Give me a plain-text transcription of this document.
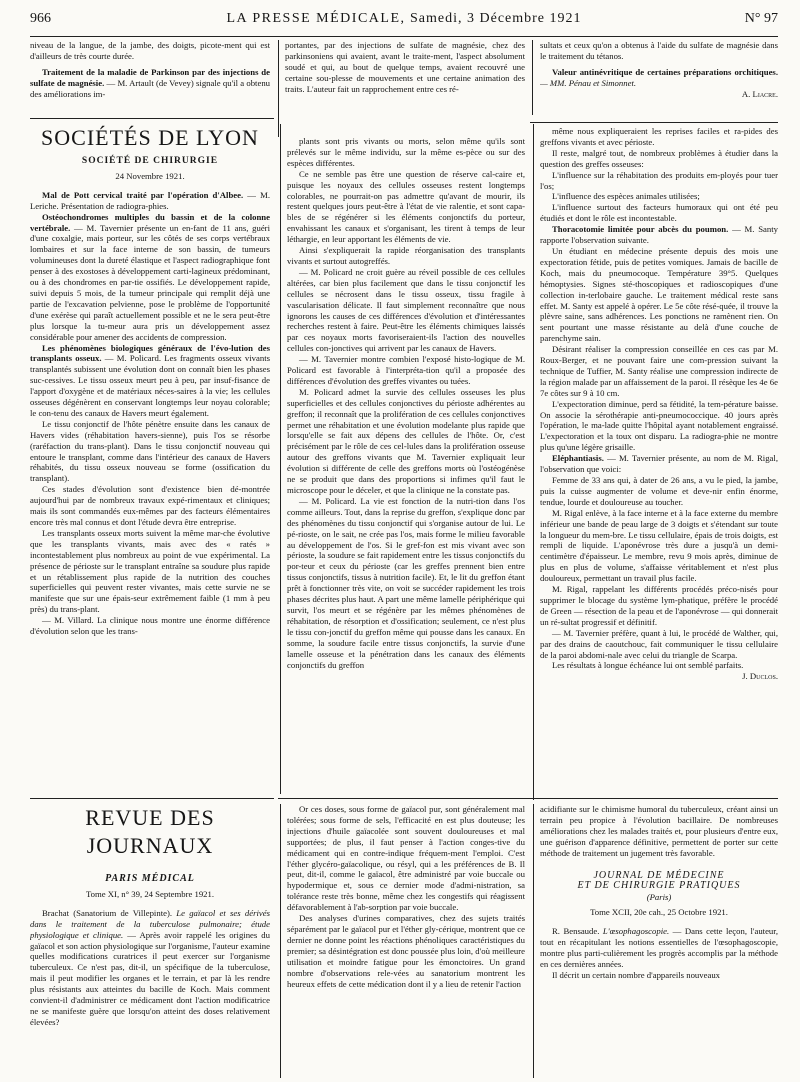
966	LA PRESSE MÉDICALE, Samedi, 3 Décembre 1921	N° 97

niveau de la langue, de la jambe, des doigts, picote-ment qui est d'ailleurs de très courte durée.

Traitement de la maladie de Parkinson par des injections de sulfate de magnésie. — M. Artault (de Vevey) signale qu'il a obtenu des améliorations im-

portantes, par des injections de sulfate de magnésie, chez des parkinsoniens qui avaient, avant le traite-ment, l'aspect absolument soudé et qui, au bout de quelque temps, avaient recouvré une certaine sou-plesse de mouvements et une certaine animation des traits. L'auteur fait un rapprochement entre ces ré-

sultats et ceux qu'on a obtenus à l'aide du sulfate de magnésie dans le traitement du tétanos.

Valeur antinévritique de certaines préparations orchitiques. — MM. Pénau et Simonnet.

A. Liacre.

SOCIÉTÉS DE LYON
SOCIÉTÉ DE CHIRURGIE
24 Novembre 1921.

Mal de Pott cervical traité par l'opération d'Albee. — M. Leriche. Présentation de radiogra-phies.

Ostéochondromes multiples du bassin et de la colonne vertébrale. — M. Tavernier présente un en-fant de 11 ans, guéri d'une coxalgie, mais porteur, sur les côtés de ses corps vertébraux lombaires et sur la face interne de son bassin, de tumeurs volumineuses dont la dureté élastique et l'aspect radiographique font penser à des exostoses à développement carti-lagineux prédominant, ou à des chondromes en par-tie ossifiés. Le développement rapide, suivi depuis 5 mois, de la tumeur principale qui remplit déjà une partie de l'excavation pelvienne, pose le problème de l'opportunité d'une exérèse qui paraît actuellement possible et ne le sera peut-être plus lorsque la tu-meur aura pris un développement assez considérable pour amener des accidents de compression.

Les phénomènes biologiques généraux de l'évo-lution des transplants osseux. — M. Policard. Les fragments osseux vivants transplantés subissent une évolution dont on connaît bien les phases suc-cessives. Le tissu osseux meurt peu à peu, par insuf-fisance de l'apport d'oxygène et de matériaux néces-saires à la vie; les cellules osseuses dégénèrent en conservant longtemps leur noyau colorable; le con-tenu des canaux de Havers meurt également.

Le tissu conjonctif de l'hôte pénètre ensuite dans les canaux de Havers vides (réhabitation havers-sienne), puis l'os se résorbe (raréfaction du trans-plant). Dans le tissu conjonctif nouveau qui entoure le transplant, comme dans l'intérieur des canaux de Havers réhabités, du tissu osseux nouveau se forme (ossification du transplant).

Ces stades d'évolution sont d'existence bien dé-montrée aujourd'hui par de nombreux travaux expé-rimentaux et cliniques; mais ils sont commandés eux-mêmes par des facteurs élémentaires encore très mal connus et dont l'étude devra être entreprise.

Les transplants osseux morts suivent la même mar-che évolutive que les transplants vivants, mais avec des « ratés » incontestablement plus nombreux au point de vue expérimental. La présence de périoste sur le transplant entraîne sa soudure plus rapide et un rétablissement plus rapide de la nutrition des couches superficielles qui peuvent rester vivantes, mais cette survie ne se manifeste que sur une épais-seur extrêmement faible (1 mm à peu près) du trans-plant.

— M. Villard. La clinique nous montre une énorme différence d'évolution selon que les trans-

plants sont pris vivants ou morts, selon même qu'ils sont prélevés sur le même individu, sur la même es-pèce ou sur des espèces différentes.

Ce ne semble pas être une question de réserve cal-caire et, puisque les noyaux des cellules osseuses restent longtemps colorables, ne pourrait-on pas admettre qu'avant de mourir, ils restent quelques jours peut-être à l'état de vie ralentie, et sont capa-bles de se régénérer si les éléments conjonctifs du porteur, envahissant les canaux et s'organisant, les tirent à temps de leur léthargie, en leur apportant les éléments de vie.

Ainsi s'expliquerait la rapide réorganisation des transplants vivants et surtout autogreffés.

— M. Policard ne croit guère au réveil possible de ces cellules altérées, car bien plus facilement que dans le tissu conjonctif les cellules se nécrosent dans le tissu osseux, tissu fragile à vascularisation délicate. Il faut simplement reconnaître que nous ignorons les causes de ces différences d'évolution et d'intéressantes recherches restent à faire. Peut-être les éléments chimiques laissés par ces noyaux morts favoriseraient-ils l'action des nouvelles cellules con-jonctives qui arrivent par les canaux de Havers.

— M. Tavernier montre combien l'exposé histo-logique de M. Policard est favorable à l'interpréta-tion qu'il a proposée des différences d'évolution des greffes vivantes ou tuées.

M. Policard admet la survie des cellules osseuses les plus superficielles et des cellules conjonctives du périoste adhérentes au greffon; il reconnaît que la prolifération de ces cellules conjonctives permet une réhabitation et une évolution modelante plus rapide que lorsqu'elle se fait aux dépens des cellules de l'hôte. Or, c'est précisément par le rôle de ces cel-lules dans la prolifération osseuse autour des greffons vivants que M. Tavernier expliquait leur évolution si différente de celle des greffons morts où l'ostéogénèse ne se produit que dans des proportions si infimes qu'il faut le microscope pour le déceler, et que la clinique ne la constate pas.

— M. Policard. La vie est fonction de la nutri-tion dans l'os comme ailleurs. Tout, dans la reprise du greffon, s'explique donc par des phénomènes du tissu conjonctif qui s'organise autour de lui. Le pé-rioste, on le sait, ne crée pas l'os, mais forme le milieu favorable au développement de l'os. Si le gref-fon est mis vivant avec son périoste, la soudure se fait rapidement entre les tissus conjonctifs du por-teur et ceux du périoste (car les greffes prennent bien entre tissus conjonctifs, tissus à nutrition facile). Et, le lit du greffon étant prêt à fonctionner très vite, on voit se succéder rapidement les trois phases décrites plus haut. A part une même lamelle périphérique qui survit, l'os meurt et se régénère par les mêmes phénomènes de réhabitation, de résorption et d'ossification; seulement, ce n'est plus le tissu con-jonctif du greffon même qui pousse dans les canaux. En somme, la soudure facile entre tissus conjonctifs, la survie d'une lamelle osseuse et la pénétration dans les canaux des éléments conjonctifs du greffon

même nous expliqueraient les reprises faciles et ra-pides des greffons vivants et avec périoste.

Il reste, malgré tout, de nombreux problèmes à étudier dans la question des greffes osseuses:

L'influence sur la réhabitation des produits em-ployés pour tuer l'os;

L'influence des espèces animales utilisées;

L'influence surtout des facteurs humoraux qui ont été peu étudiés et dont le rôle est incontestable.

Thoracotomie limitée pour abcès du poumon. — M. Santy rapporte l'observation suivante.

Un étudiant en médecine présente depuis des mois une expectoration fétide, puis de petites vomiques. Jamais de bacille de Koch, mais du pneumocoque. Température 39°5. Quelques hémoptysies. Signes sté-thoscopiques et radioscopiques d'une collection in-terlobaire gauche. Le traitement médical reste sans effet. M. Santy est appelé à opérer. Le 5e côte résé-quée, il trouve la plèvre saine, sans adhérences. Les ponctions ne ramènent rien. On sent pourtant une masse résistante au delà d'une couche de parenchyme sain.

Désirant réaliser la compression conseillée en ces cas par M. Roux-Berger, et ne pouvant faire une com-pression suivant la technique de Tuffier, M. Santy réalise une compression indirecte de la région malade par un affaissement de la paroi. Il résèque les 4e 6e 7e côtes sur 9 à 10 cm.

L'expectoration diminue, perd sa fétidité, la tem-pérature baisse. On associe la sérothérapie anti-pneumococcique. 40 jours après l'opération, le ma-lade quitte l'hôpital ayant notablement engraissé. L'expectoration et la toux ont disparu. La radiogra-phie ne montre plus qu'une légère grisaille.

Eléphantiasis. — M. Tavernier présente, au nom de M. Rigal, l'observation que voici:

Femme de 33 ans qui, à dater de 26 ans, a vu le pied, la jambe, puis la cuisse augmenter de volume et deve-nir enfin énorme, tendue, lourde et douloureuse au toucher.

M. Rigal enlève, à la face interne et à la face externe du membre inférieur une bande de peau large de 3 doigts et s'étendant sur toute la longueur du mem-bre. Le tissu cellulaire, épais de trois doigts, est rempli de liquide. L'aponévrose très dure a jusqu'à un demi-centimètre d'épaisseur. Le membre, revu 9 mois après, diminue de plus en plus de volume, s'affaisse véritablement et n'est plus douloureux, permettant un travail plus facile.

M. Rigal, rappelant les différents procédés préco-nisés pour supprimer le blocage du système lym-phatique, préfère le procédé de Green — résection de la peau et de l'aponévrose — qui donnerait un ré-sultat progressif et définitif.

— M. Tavernier préfère, quant à lui, le procédé de Walther, qui, par des drains de caoutchouc, fait communiquer le tissu cellulaire de la paroi abdomi-nale avec celui du triangle de Scarpa.

Les résultats à longue échéance lui ont semblé parfaits.

J. Duclos.

REVUE DES JOURNAUX
PARIS MÉDICAL
Tome XI, n° 39, 24 Septembre 1921.

Brachat (Sanatorium de Villepinte). Le gaïacol et ses dérivés dans le traitement de la tuberculose pulmonaire; étude physiologique et clinique. — Après avoir rappelé les origines du gaïacol et son action physiologique sur l'organisme, l'auteur examine quelles modifications curatrices il peut exercer sur l'organisme tuberculeux. Ce n'est pas, dit-il, un spécifique de la tuberculose, mais il peut modifier les organes et le terrain, et par là les rendre plus résistants aux atteintes du bacille de Koch. Mais comment convient-il d'administrer ce médicament dont l'action modificatrice ne se manifeste guère que lorsqu'on atteint des doses relativement élevées?

Or ces doses, sous forme de gaïacol pur, sont généralement mal tolérées; sous forme de sels, l'efficacité en est plus douteuse; les injections d'huile gaïacolée sont souvent douloureuses et mal supportées; de plus, il faut penser à l'action conges-tive du médicament qui en contre-indique fréquem-ment l'emploi. C'est l'éther glycéro-gaïacolique, ou résyl, qui a les préférences de B. Il peut, dit-il, comme le gaïacol, être administré par voie buccale ou hypodermique et, sous ce dernier mode d'admi-nistration, sa tolérance reste très bonne, même chez les congestifs qui réagissent défavorablement à l'ab-sorption par voie buccale.

Des analyses d'urines comparatives, chez des sujets traités séparément par le gaïacol pur et l'éther gly-cérique, montrent que ce dernier ne donne point les réactions phénoliques caractéristiques du premier; sa désintégration est donc poussée plus loin, d'où meilleure utilisation et moindre fatigue pour les émonctoires. Un grand nombre d'observations rele-vées au sanatorium montrent les heureux effets de cette médication dont il y a lieu de retenir l'action

acidifiante sur le chimisme humoral du tuberculeux, créant ainsi un terrain peu propice à l'évolution bacillaire. De nombreuses améliorations chez les malades traités et, pour plusieurs d'entre eux, une guérison d'apparence définitive, permettent de porter sur cette méthode de traitement un jugement très favorable.

JOURNAL DE MÉDECINE
ET DE CHIRURGIE PRATIQUES
(Paris)
Tome XCII, 20e cah., 25 Octobre 1921.

R. Bensaude. L'œsophagoscopie. — Dans cette leçon, l'auteur, tout en récapitulant les notions essentielles de l'œsophagoscopie, montre plus parti-culièrement les progrès accomplis par la méthode en ces dernières années.

Il décrit un certain nombre d'appareils nouveaux
